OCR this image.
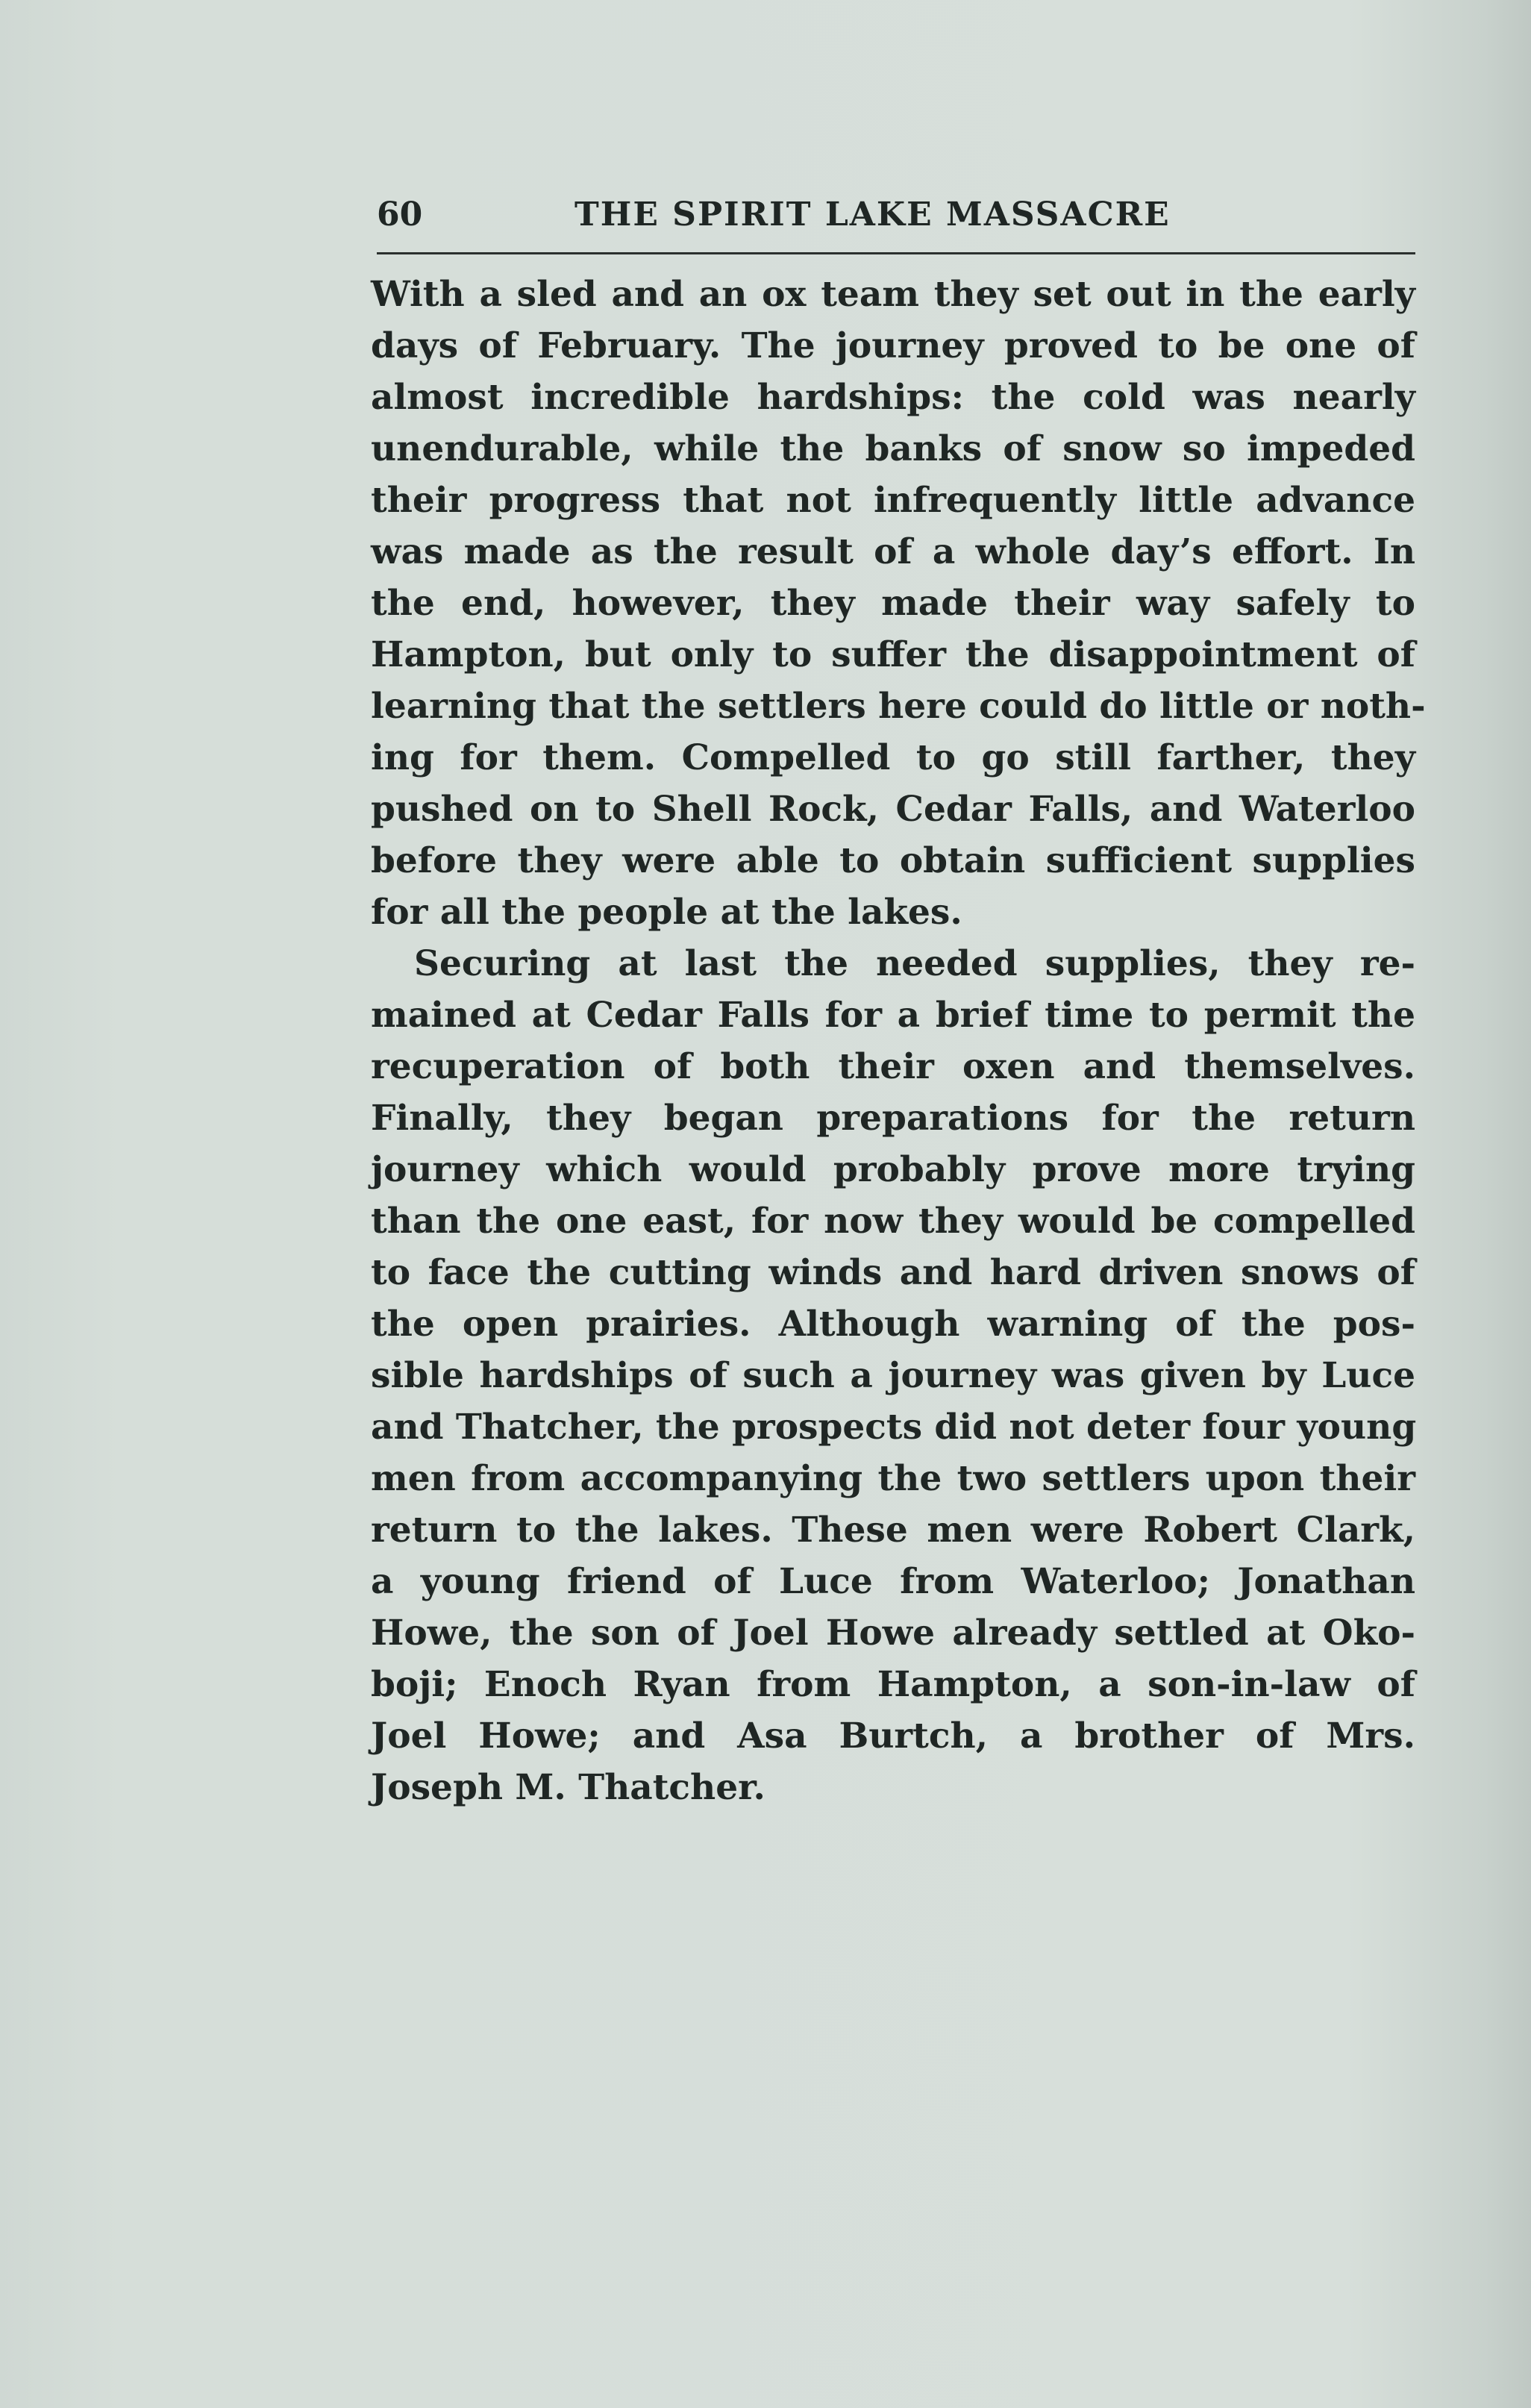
60	THE SPIRIT LAKE MASSACRE
With a sled and an ox team they set out in the early
days of February. The journey proved to be one of
almost incredible hardships: the cold was nearly
unendurable, while the banks of snow so impeded
their progress that not infrequently little advance
was made as the result of a whole day’s effort. In
the end, however, they made their way safely to
Hampton, but only to suffer the disappointment of
learning that the settlers here could do little or noth-
ing for them. Compelled to go still farther, they
pushed on to Shell Rock, Cedar Falls, and Waterloo
before they were able to obtain sufficient supplies
for all the people at the lakes.
Securing at last the needed supplies, they re-
mained at Cedar Falls for a brief time to permit the
recuperation of both their oxen and themselves.
Finally, they began preparations for the return
journey which would probably prove more trying
than the one east, for now they would be compelled
to face the cutting winds and hard driven snows of
the open prairies. Although warning of the pos-
sible hardships of such a journey was given by Luce
and Thatcher, the prospects did not deter four young
men from accompanying the two settlers upon their
return to the lakes. These men were Robert Clark,
a young friend of Luce from Waterloo; Jonathan
Howe, the son of Joel Howe already settled at Oko-
boji; Enoch Ryan from Hampton, a son-in-law of
Joel Howe; and Asa Burtch, a brother of Mrs.
Joseph M. Thatcher.
